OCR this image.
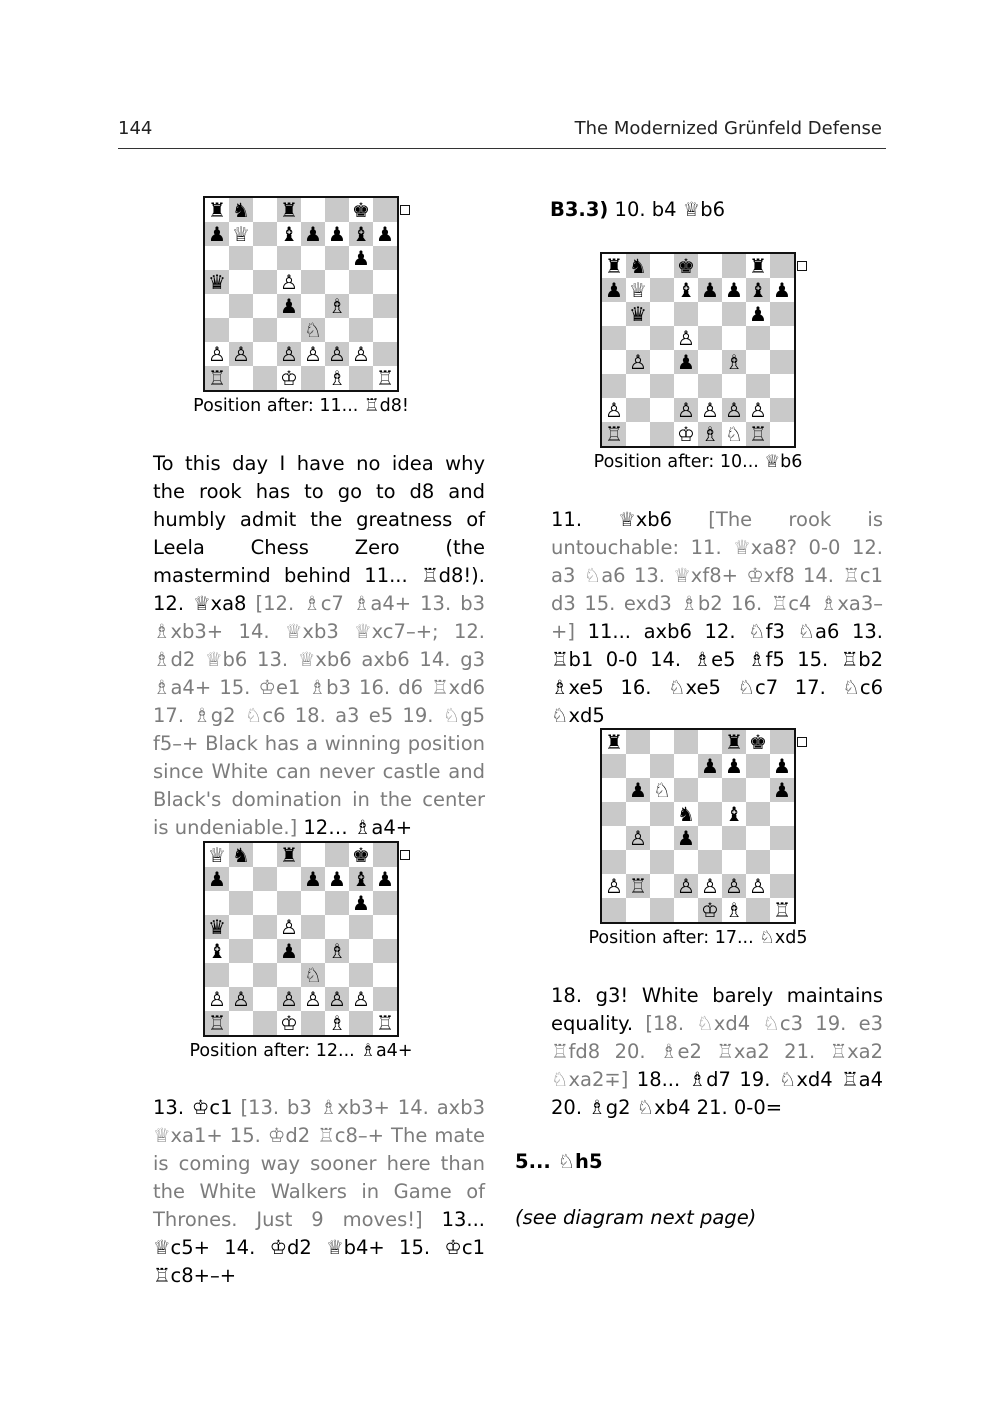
144	The Modernized Grünfeld Defense
♜ ♞ ♜	♚
♟ ♕ ♝ ♟ ♟ ♝ ♟
♟
♛	♙
♟ ♗
♘
♙ ♙ ♙ ♙ ♙ ♙
♖	♔ ♗ ♖
Position after: 11... ♖d8!

To this day I have no idea why the rook has to go to d8 and humbly admit the greatness of Leela Chess Zero (the mastermind behind 11... ♖d8!). 12. ♕xa8 [12. ♗c7 ♗a4+ 13. b3 ♗xb3+ 14. ♕xb3 ♕xc7–+; 12. ♗d2 ♕b6 13. ♕xb6 axb6 14. g3 ♗a4+ 15. ♔e1 ♗b3 16. d6 ♖xd6 17. ♗g2 ♘c6 18. a3 e5 19. ♘g5 f5–+ Black has a winning position since White can never castle and Black's domination in the center is undeniable.] 12… ♗a4+

♕ ♞ ♜	♚
♟	♟ ♟ ♝ ♟
♟
♛	♙
♝	♟ ♗
♘
♙ ♙ ♙ ♙ ♙ ♙
♖	♔ ♗ ♖
Position after: 12... ♗a4+

13. ♔c1 [13. b3 ♗xb3+ 14. axb3 ♕xa1+ 15. ♔d2 ♖c8–+ The mate is coming way sooner here than the White Walkers in Game of Thrones. Just 9 moves!] 13... ♕c5+ 14. ♔d2 ♕b4+ 15. ♔c1 ♖c8+–+

B3.3) 10. b4 ♕b6
♜ ♞ ♚	♜
♟ ♕ ♝ ♟ ♟ ♝ ♟
♛	♟
♙
♙ ♟ ♗
♙	♙ ♙ ♙ ♙
♖	♔ ♗ ♘ ♖
Position after: 10... ♕b6

11. ♕xb6 [The rook is untouchable: 11. ♕xa8? 0-0 12. a3 ♘a6 13. ♕xf8+ ♔xf8 14. ♖c1 d3 15. exd3 ♗b2 16. ♖c4 ♗xa3–+] 11... axb6 12. ♘f3 ♘a6 13. ♖b1 0-0 14. ♗e5 ♗f5 15. ♖b2 ♗xe5 16. ♘xe5 ♘c7 17. ♘c6 ♘xd5

♜	♜ ♚
♟ ♟ ♟
♟ ♘	♟
♞ ♝
♙ ♟
♙ ♖ ♙ ♙ ♙ ♙
♔ ♗ ♖
Position after: 17... ♘xd5

18. g3! White barely maintains equality. [18. ♘xd4 ♘c3 19. e3 ♖fd8 20. ♗e2 ♖xa2 21. ♖xa2 ♘xa2∓] 18... ♗d7 19. ♘xd4 ♖a4 20. ♗g2 ♘xb4 21. 0-0=

5... ♘h5
(see diagram next page)
